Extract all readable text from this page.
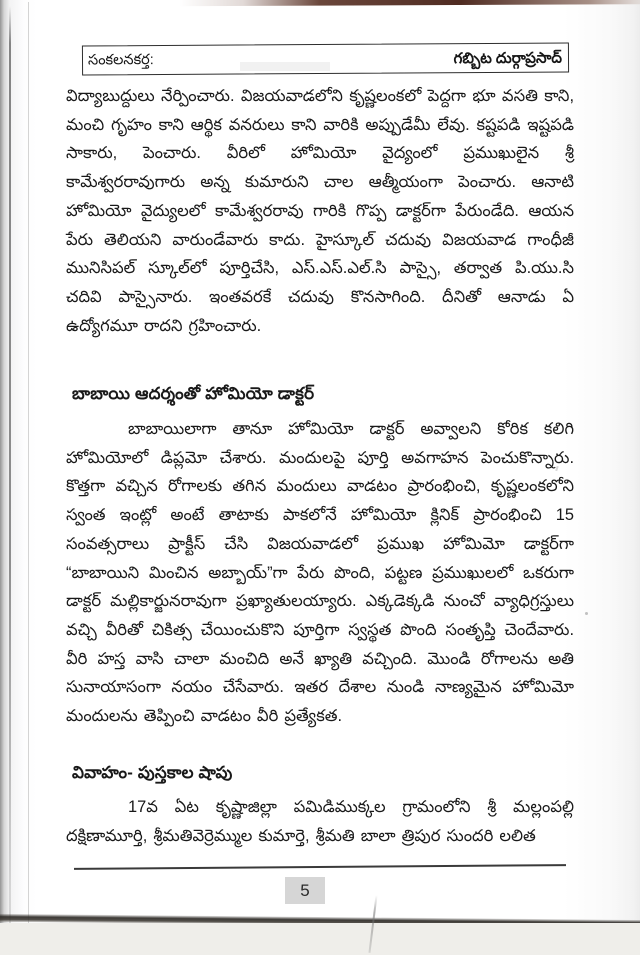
సంకలనకర్త:	గబ్బిట దుర్గాప్రసాద్

విద్యాబుద్దులు నేర్పించారు. విజయవాడలోని కృష్ణలంకలో పెద్దగా భూ వసతి కాని, మంచి గృహం కాని ఆర్థిక వనరులు కాని వారికి అప్పుడేమీ లేవు. కష్టపడి ఇష్టపడి సాకారు, పెంచారు. వీరిలో హోమియో వైద్యంలో ప్రముఖులైన శ్రీ కామేశ్వరరావుగారు అన్న కుమారుని చాల ఆత్మీయంగా పెంచారు. ఆనాటి హోమియో వైద్యులలో కామేశ్వరరావు గారికి గొప్ప డాక్టర్‌గా పేరుండేది. ఆయన పేరు తెలియని వారుండేవారు కాదు. హైస్కూల్ చదువు విజయవాడ గాంధీజీ మునిసిపల్ స్కూల్‌లో పూర్తిచేసి, ఎస్.ఎస్.ఎల్.సి పాస్సై, తర్వాత పి.యు.సి చదివి పాస్సైనారు. ఇంతవరకే చదువు కొనసాగింది. దీనితో ఆనాడు ఏ ఉద్యోగమూ రాదని గ్రహించారు.

బాబాయి ఆదర్శంతో హోమియో డాక్టర్

బాబాయిలాగా తానూ హోమియో డాక్టర్ అవ్వాలని కోరిక కలిగి హోమియోలో డిప్లమో చేశారు. మందులపై పూర్తి అవగాహన పెంచుకొన్నారు. కొత్తగా వచ్చిన రోగాలకు తగిన మందులు వాడటం ప్రారంభించి, కృష్ణలంకలోని స్వంత ఇంట్లో అంటే తాటాకు పాకలోనే హోమియో క్లినిక్ ప్రారంభించి 15 సంవత్సరాలు ప్రాక్టీస్ చేసి విజయవాడలో ప్రముఖ హోమిమో డాక్టర్‌గా “బాబాయిని మించిన అబ్బాయ్”గా పేరు పొంది, పట్టణ ప్రముఖులలో ఒకరుగా డాక్టర్ మల్లికార్జునరావుగా ప్రఖ్యాతులయ్యారు. ఎక్కడెక్కడి నుంచో వ్యాధిగ్రస్తులు వచ్చి వీరితో చికిత్స చేయించుకొని పూర్తిగా స్వస్థత పొంది సంతృప్తి చెందేవారు. వీరి హస్త వాసి చాలా మంచిది అనే ఖ్యాతి వచ్చింది. మొండి రోగాలను అతి సునాయాసంగా నయం చేసేవారు. ఇతర దేశాల నుండి నాణ్యమైన హోమిమో మందులను తెప్పించి వాడటం వీరి ప్రత్యేకత.

వివాహం- పుస్తకాల షాపు

17వ ఏట కృష్ణాజిల్లా పమిడిముక్కల గ్రామంలోని శ్రీ మల్లంపల్లి దక్షిణామూర్తి, శ్రీమతివెర్రెమ్ముల కుమార్తె, శ్రీమతి బాలా త్రిపుర సుందరి లలిత

5
